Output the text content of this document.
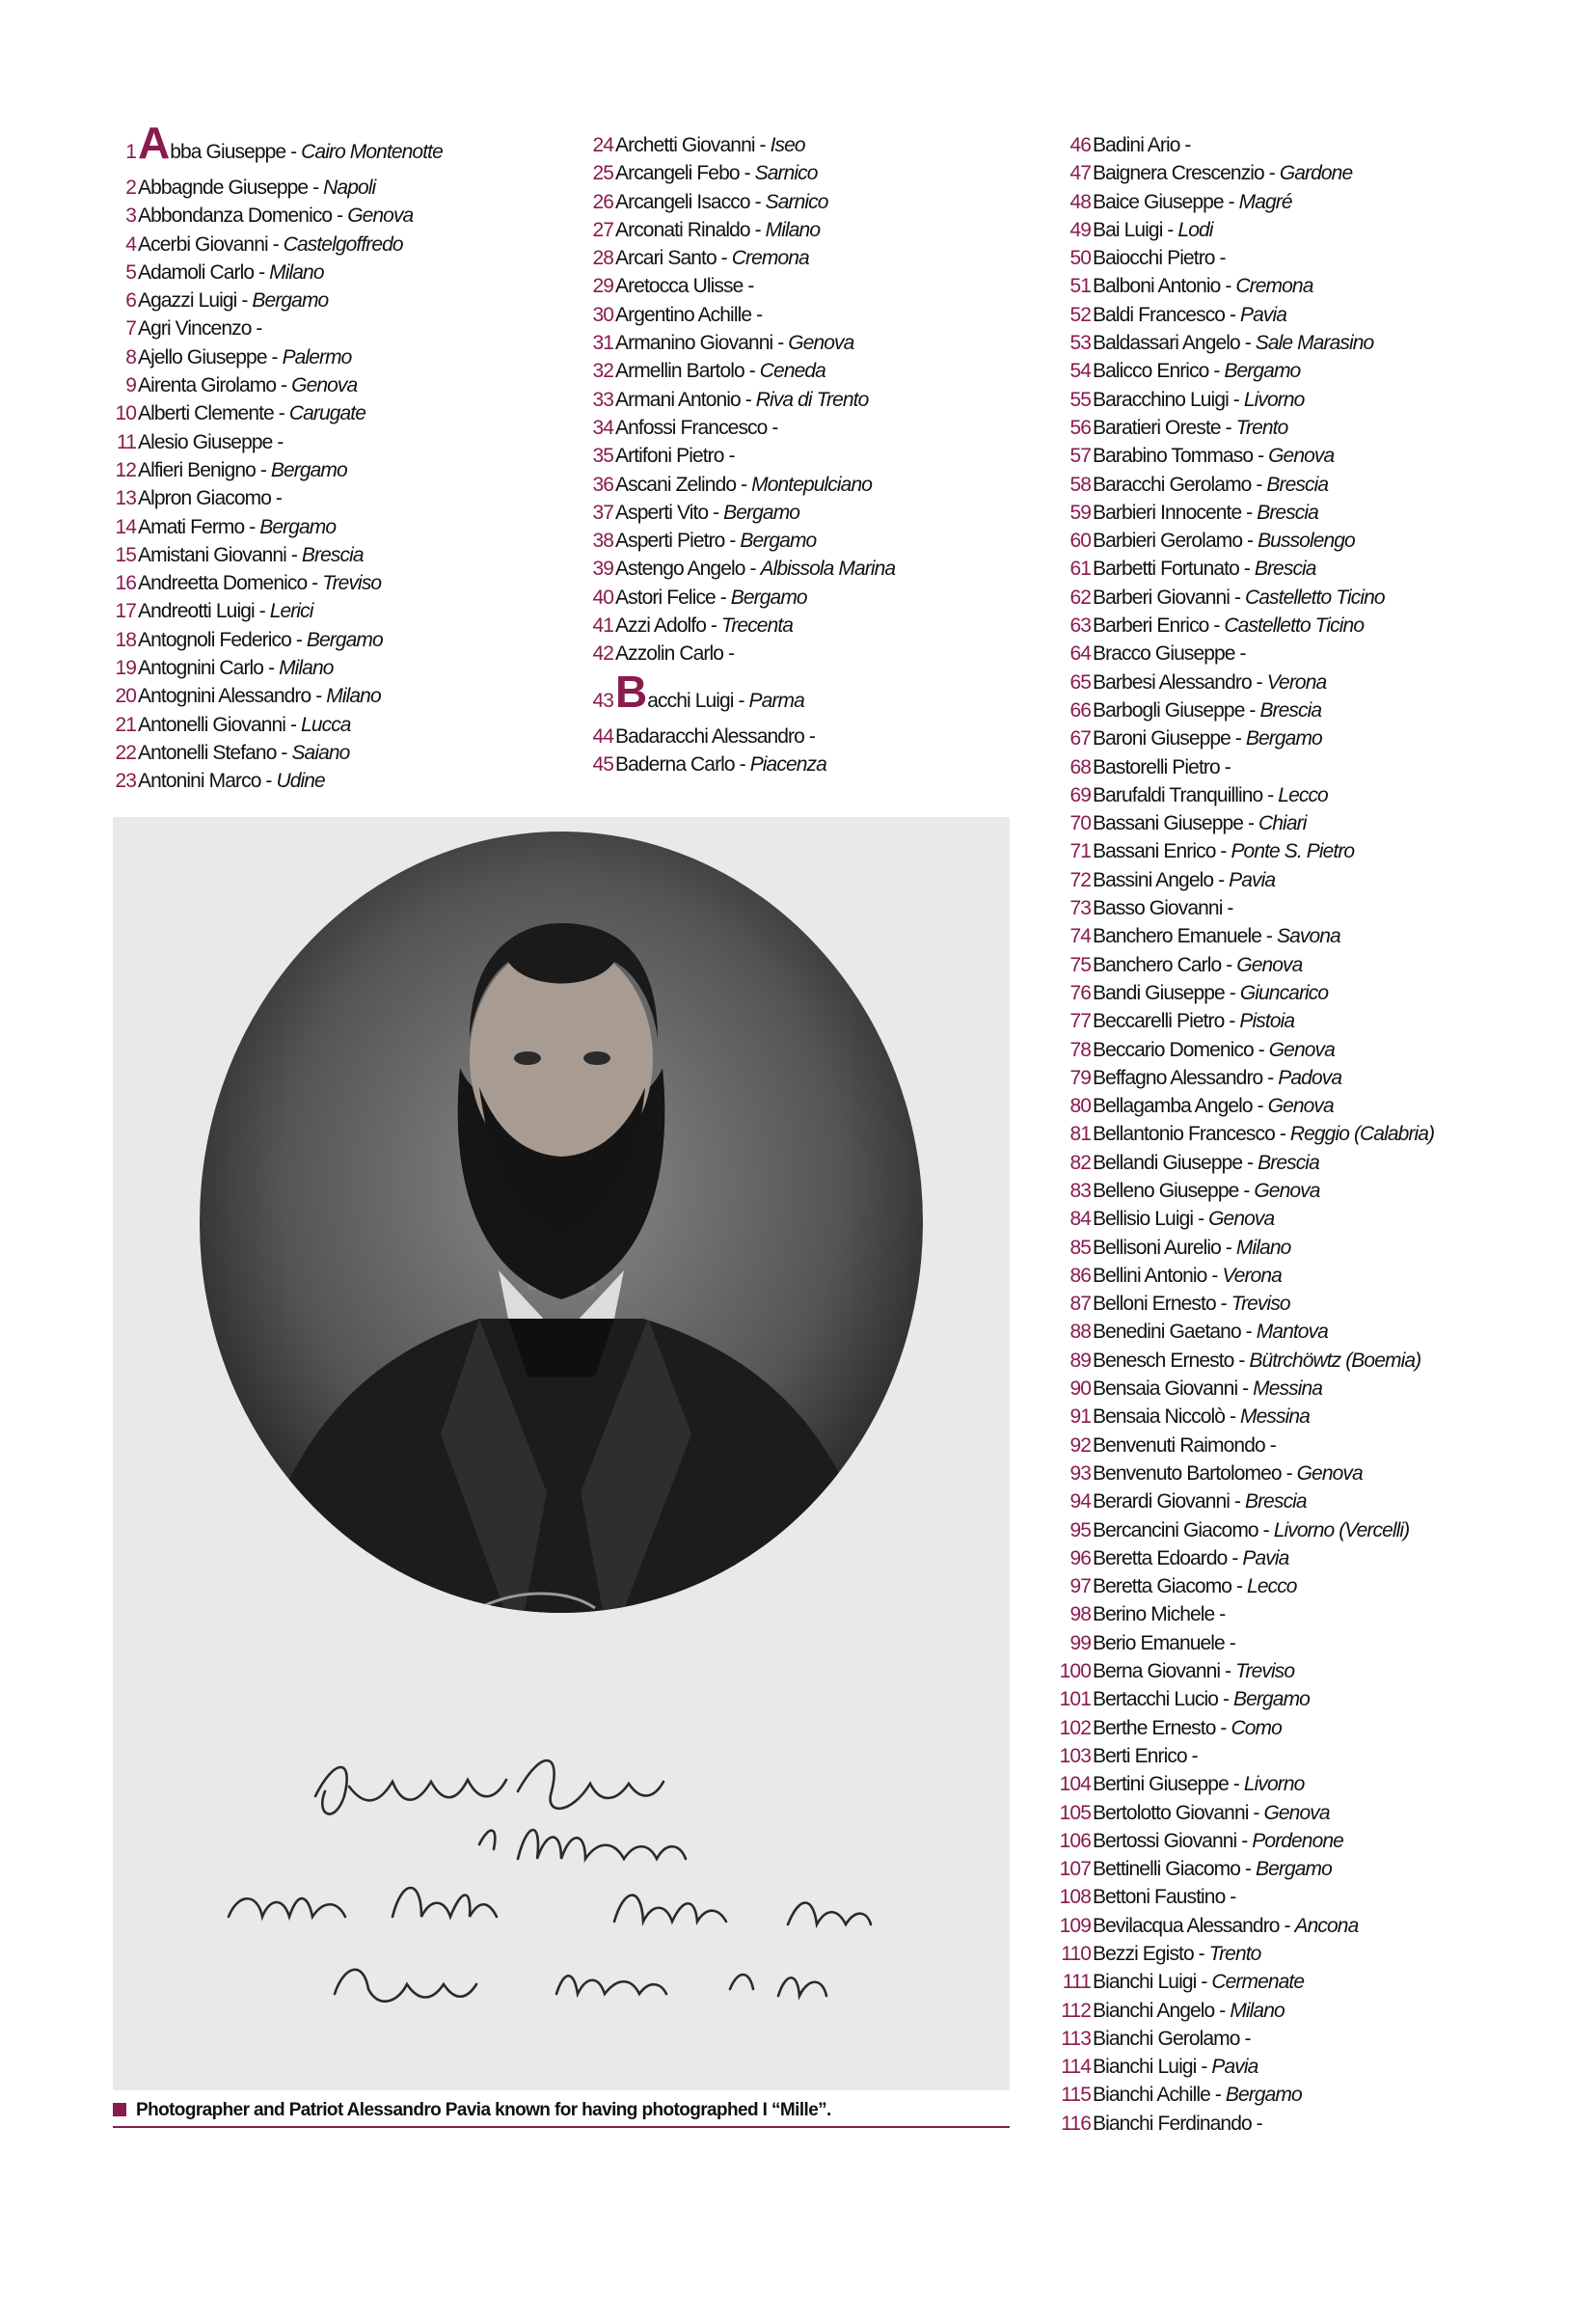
1Abba Giuseppe - Cairo Montenotte
2Abbagnde Giuseppe - Napoli
3Abbondanza Domenico - Genova
4Acerbi Giovanni - Castelgoffredo
5Adamoli Carlo - Milano
6Agazzi Luigi - Bergamo
7Agri Vincenzo -
8Ajello Giuseppe - Palermo
9Airenta Girolamo - Genova
10Alberti Clemente - Carugate
11Alesio Giuseppe -
12Alfieri Benigno - Bergamo
13Alpron Giacomo -
14Amati Fermo - Bergamo
15Amistani Giovanni - Brescia
16Andreetta Domenico - Treviso
17Andreotti Luigi - Lerici
18Antognoli Federico - Bergamo
19Antognini Carlo - Milano
20Antognini Alessandro - Milano
21Antonelli Giovanni - Lucca
22Antonelli Stefano - Saiano
23Antonini Marco - Udine
24Archetti Giovanni - Iseo
25Arcangeli Febo - Sarnico
26Arcangeli Isacco - Sarnico
27Arconati Rinaldo - Milano
28Arcari Santo - Cremona
29Aretocca Ulisse -
30Argentino Achille -
31Armanino Giovanni - Genova
32Armellin Bartolo - Ceneda
33Armani Antonio - Riva di Trento
34Anfossi Francesco -
35Artifoni Pietro -
36Ascani Zelindo - Montepulciano
37Asperti Vito - Bergamo
38Asperti Pietro - Bergamo
39Astengo Angelo - Albissola Marina
40Astori Felice - Bergamo
41Azzi Adolfo - Trecenta
42Azzolin Carlo -
43Bacchi Luigi - Parma
44Badaracchi Alessandro -
45Baderna Carlo - Piacenza
46Badini Ario -
47Baignera Crescenzio - Gardone
48Baice Giuseppe - Magré
49Bai Luigi - Lodi
50Baiocchi Pietro -
51Balboni Antonio - Cremona
52Baldi Francesco - Pavia
53Baldassari Angelo - Sale Marasino
54Balicco Enrico - Bergamo
55Baracchino Luigi - Livorno
56Baratieri Oreste - Trento
57Barabino Tommaso - Genova
58Baracchi Gerolamo - Brescia
59Barbieri Innocente - Brescia
60Barbieri Gerolamo - Bussolengo
61Barbetti Fortunato - Brescia
62Barberi Giovanni - Castelletto Ticino
63Barberi Enrico - Castelletto Ticino
64Bracco Giuseppe -
65Barbesi Alessandro - Verona
66Barbogli Giuseppe - Brescia
67Baroni Giuseppe - Bergamo
68Bastorelli Pietro -
69Barufaldi Tranquillino - Lecco
70Bassani Giuseppe - Chiari
71Bassani Enrico - Ponte S. Pietro
72Bassini Angelo - Pavia
73Basso Giovanni -
74Banchero Emanuele - Savona
75Banchero Carlo - Genova
76Bandi Giuseppe - Giuncarico
77Beccarelli Pietro - Pistoia
78Beccario Domenico - Genova
79Beffagno Alessandro - Padova
80Bellagamba Angelo - Genova
81Bellantonio Francesco - Reggio (Calabria)
82Bellandi Giuseppe - Brescia
83Belleno Giuseppe - Genova
84Bellisio Luigi - Genova
85Bellisoni Aurelio - Milano
86Bellini Antonio - Verona
87Belloni Ernesto - Treviso
88Benedini Gaetano - Mantova
89Benesch Ernesto - Bütrchöwtz (Boemia)
90Bensaia Giovanni - Messina
91Bensaia Niccolò - Messina
92Benvenuti Raimondo -
93Benvenuto Bartolomeo - Genova
94Berardi Giovanni - Brescia
95Bercancini Giacomo - Livorno (Vercelli)
96Beretta Edoardo - Pavia
97Beretta Giacomo - Lecco
98Berino Michele -
99Berio Emanuele -
100Berna Giovanni - Treviso
101Bertacchi Lucio - Bergamo
102Berthe Ernesto - Como
103Berti Enrico -
104Bertini Giuseppe - Livorno
105Bertolotto Giovanni - Genova
106Bertossi Giovanni - Pordenone
107Bettinelli Giacomo - Bergamo
108Bettoni Faustino -
109Bevilacqua Alessandro - Ancona
110Bezzi Egisto - Trento
111Bianchi Luigi - Cermenate
112Bianchi Angelo - Milano
113Bianchi Gerolamo -
114Bianchi Luigi - Pavia
115Bianchi Achille - Bergamo
116Bianchi Ferdinando -
Photographer and Patriot Alessandro Pavia known for having photographed I “Mille”.
